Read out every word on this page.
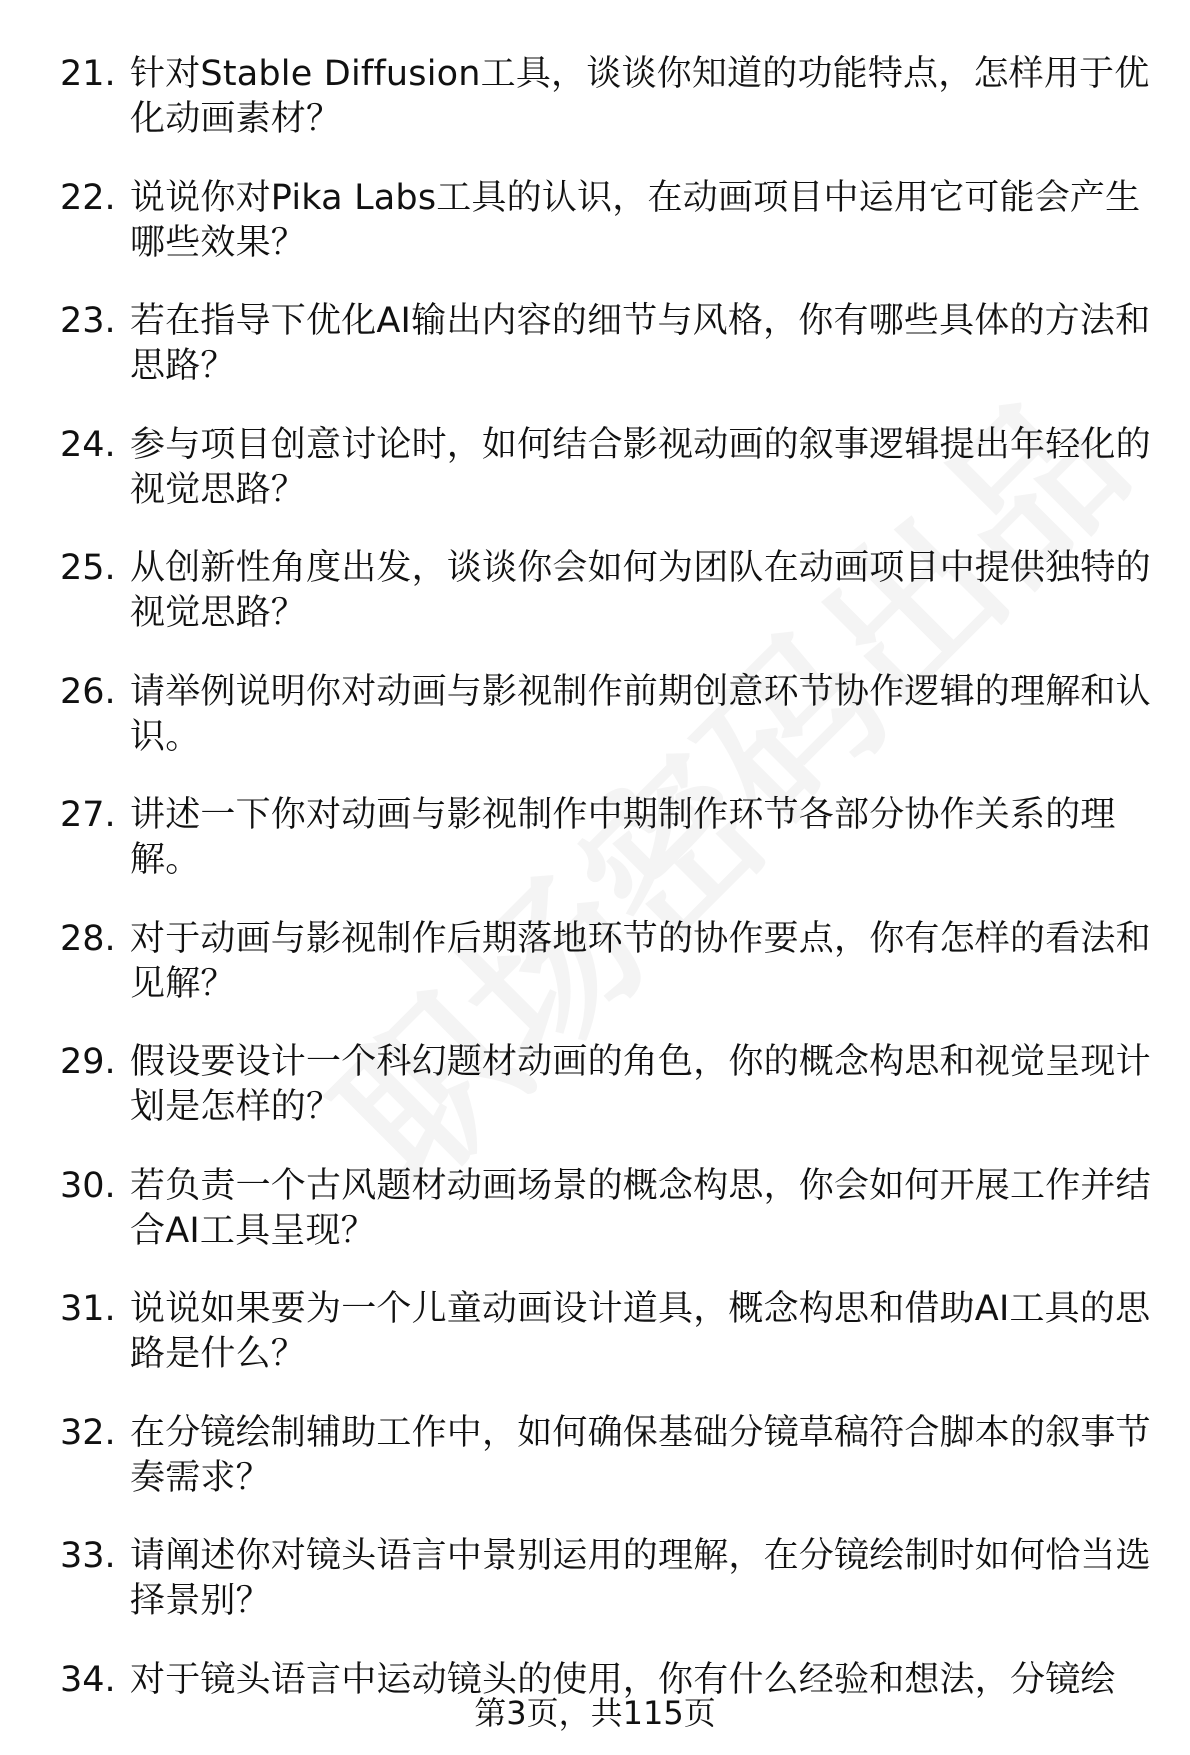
21. 针对Stable Diffusion工具，谈谈你知道的功能特点，怎样用于优化动画素材？
22. 说说你对Pika Labs工具的认识，在动画项目中运用它可能会产生哪些效果？
23. 若在指导下优化AI输出内容的细节与风格，你有哪些具体的方法和思路？
24. 参与项目创意讨论时，如何结合影视动画的叙事逻辑提出年轻化的视觉思路？
25. 从创新性角度出发，谈谈你会如何为团队在动画项目中提供独特的视觉思路？
26. 请举例说明你对动画与影视制作前期创意环节协作逻辑的理解和认识。
27. 讲述一下你对动画与影视制作中期制作环节各部分协作关系的理解。
28. 对于动画与影视制作后期落地环节的协作要点，你有怎样的看法和见解？
29. 假设要设计一个科幻题材动画的角色，你的概念构思和视觉呈现计划是怎样的？
30. 若负责一个古风题材动画场景的概念构思，你会如何开展工作并结合AI工具呈现？
31. 说说如果要为一个儿童动画设计道具，概念构思和借助AI工具的思路是什么？
32. 在分镜绘制辅助工作中，如何确保基础分镜草稿符合脚本的叙事节奏需求？
33. 请阐述你对镜头语言中景别运用的理解，在分镜绘制时如何恰当选择景别？
34. 对于镜头语言中运动镜头的使用，你有什么经验和想法，分镜绘
第3页，共115页
